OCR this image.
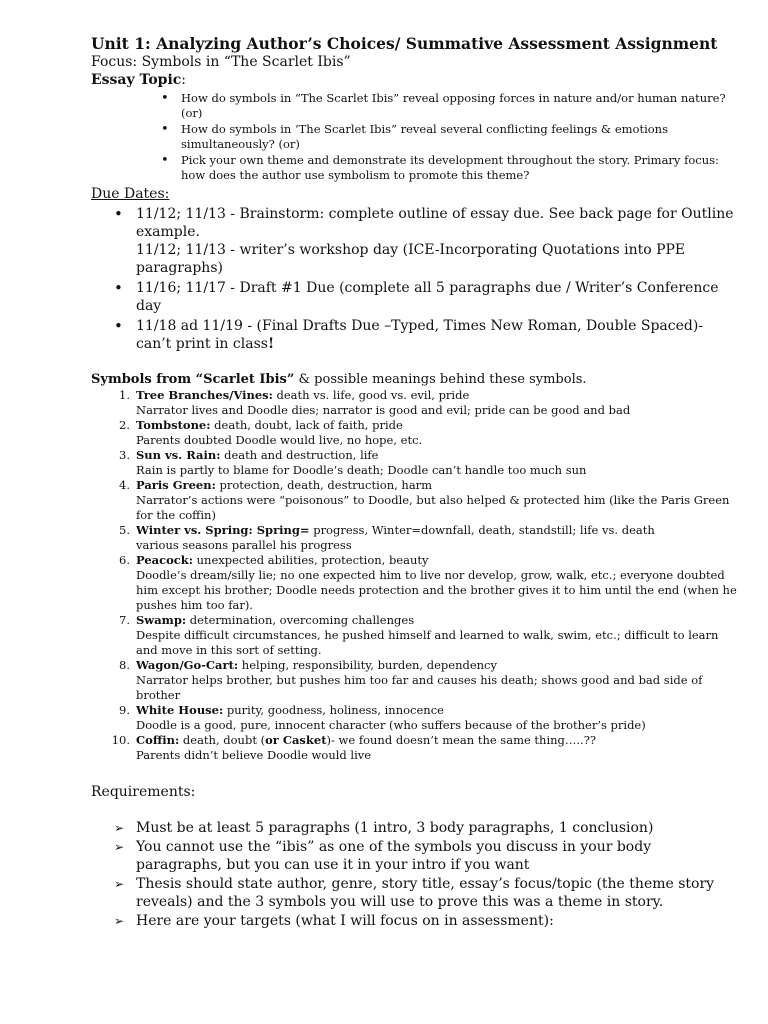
Unit 1: Analyzing Author’s Choices/ Summative Assessment Assignment
Focus: Symbols in “The Scarlet Ibis”
Essay Topic:
• How do symbols in “The Scarlet Ibis” reveal opposing forces in nature and/or human nature? (or)
• How do symbols in ‘The Scarlet Ibis” reveal several conflicting feelings & emotions simultaneously? (or)
• Pick your own theme and demonstrate its development throughout the story. Primary focus: how does the author use symbolism to promote this theme?
Due Dates:
• 11/12; 11/13 - Brainstorm: complete outline of essay due. See back page for Outline example.
11/12; 11/13 - writer’s workshop day (ICE-Incorporating Quotations into PPE paragraphs)
• 11/16; 11/17 - Draft #1 Due (complete all 5 paragraphs due / Writer’s Conference day
• 11/18 ad 11/19 - (Final Drafts Due –Typed, Times New Roman, Double Spaced)-can’t print in class!
Symbols from “Scarlet Ibis” & possible meanings behind these symbols.
1. Tree Branches/Vines: death vs. life, good vs. evil, pride
Narrator lives and Doodle dies; narrator is good and evil; pride can be good and bad
2. Tombstone: death, doubt, lack of faith, pride
Parents doubted Doodle would live, no hope, etc.
3. Sun vs. Rain: death and destruction, life
Rain is partly to blame for Doodle’s death; Doodle can’t handle too much sun
4. Paris Green: protection, death, destruction, harm
Narrator’s actions were “poisonous” to Doodle, but also helped & protected him (like the Paris Green for the coffin)
5. Winter vs. Spring: Spring= progress, Winter=downfall, death, standstill; life vs. death
various seasons parallel his progress
6. Peacock: unexpected abilities, protection, beauty
Doodle’s dream/silly lie; no one expected him to live nor develop, grow, walk, etc.; everyone doubted him except his brother; Doodle needs protection and the brother gives it to him until the end (when he pushes him too far).
7. Swamp: determination, overcoming challenges
Despite difficult circumstances, he pushed himself and learned to walk, swim, etc.; difficult to learn and move in this sort of setting.
8. Wagon/Go-Cart: helping, responsibility, burden, dependency
Narrator helps brother, but pushes him too far and causes his death; shows good and bad side of brother
9. White House: purity, goodness, holiness, innocence
Doodle is a good, pure, innocent character (who suffers because of the brother’s pride)
10. Coffin: death, doubt (or Casket)- we found doesn’t mean the same thing…..??
Parents didn’t believe Doodle would live
Requirements:
➢ Must be at least 5 paragraphs (1 intro, 3 body paragraphs, 1 conclusion)
➢ You cannot use the “ibis” as one of the symbols you discuss in your body paragraphs, but you can use it in your intro if you want
➢ Thesis should state author, genre, story title, essay’s focus/topic (the theme story reveals) and the 3 symbols you will use to prove this was a theme in story.
➢ Here are your targets (what I will focus on in assessment):
